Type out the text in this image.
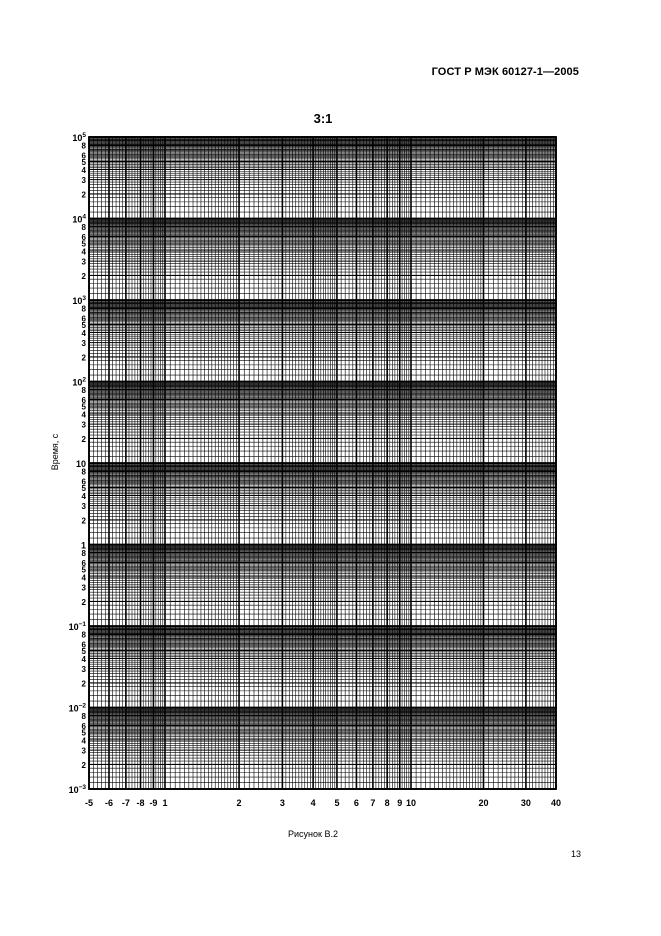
ГОСТ Р МЭК 60127-1—2005
3:1
Время, с
-5 -6 -7 -8 -9 1	2	3	4 5 6 7 8 9 10	20	30 40
$10^5$
$10^4$
$10^3$
$10^2$
10
1
$10^{-1}$
$10^{-2}$
$10^{-3}$
8
6
5
4
3
2
8
6
5
4
3
2
8
6
5
4
3
2
8
6
5
4
3
2
8
6
5
4
3
2
8
6
5
4
3
2
8
6
5
4
3
2
8
6
5
4
3
2
Рисунок В.2
13
